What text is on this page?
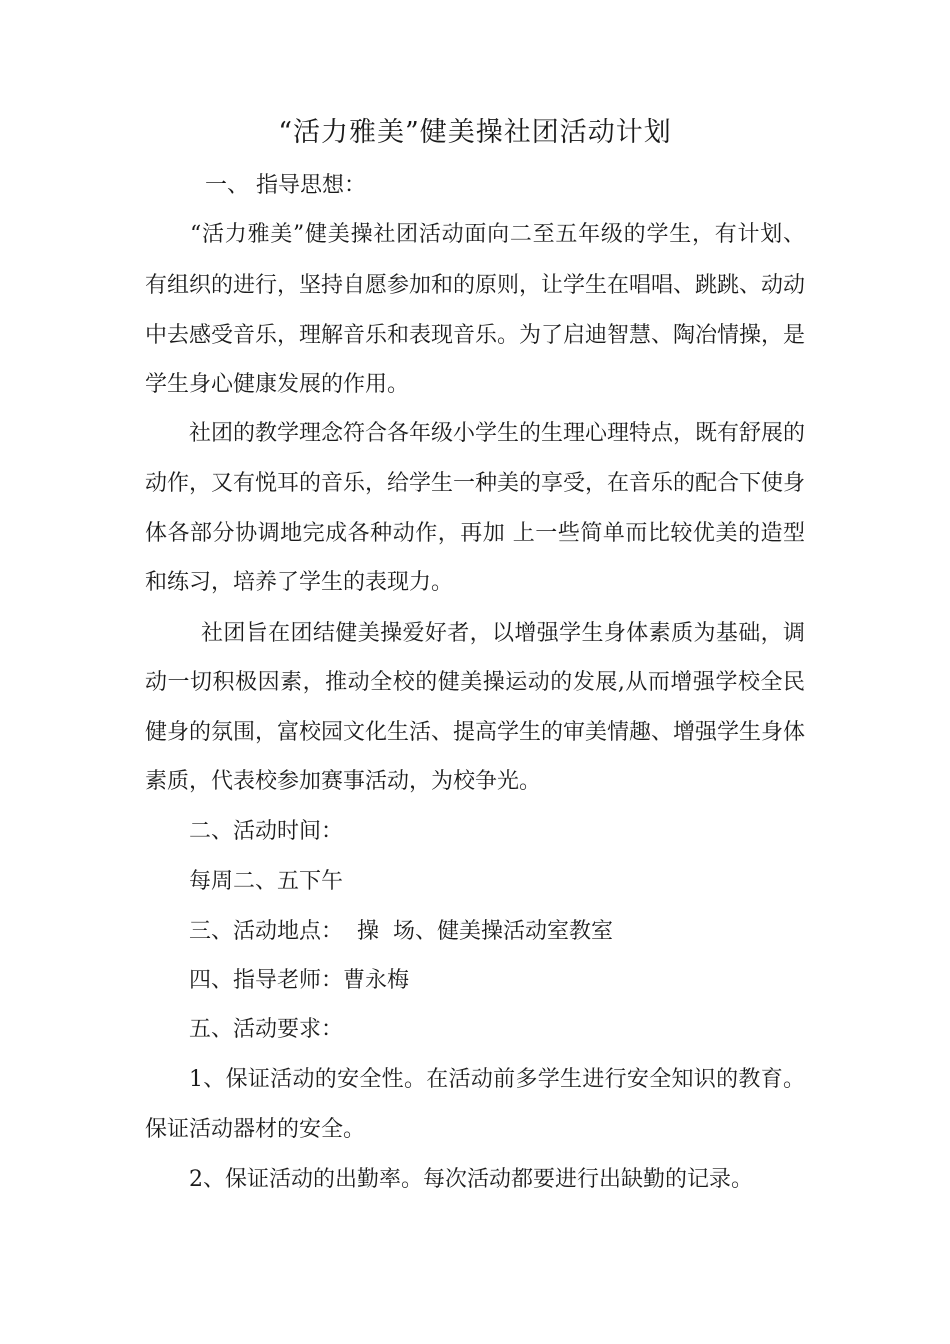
“活力雅美”健美操社团活动计划
一、 指导思想：
“活力雅美”健美操社团活动面向二至五年级的学生，有计划、
有组织的进行，坚持自愿参加和的原则，让学生在唱唱、跳跳、动动
中去感受音乐，理解音乐和表现音乐。为了启迪智慧、陶冶情操，是
学生身心健康发展的作用。
社团的教学理念符合各年级小学生的生理心理特点，既有舒展的
动作，又有悦耳的音乐，给学生一种美的享受，在音乐的配合下使身
体各部分协调地完成各种动作，再加 上一些简单而比较优美的造型
和练习，培养了学生的表现力。
社团旨在团结健美操爱好者，以增强学生身体素质为基础，调
动一切积极因素，推动全校的健美操运动的发展,从而增强学校全民
健身的氛围，富校园文化生活、提高学生的审美情趣、增强学生身体
素质，代表校参加赛事活动，为校争光。
二、活动时间：
每周二、五下午
三、活动地点：  操  场、健美操活动室教室
四、指导老师：曹永梅
五、活动要求：
1、保证活动的安全性。在活动前多学生进行安全知识的教育。
保证活动器材的安全。
2、保证活动的出勤率。每次活动都要进行出缺勤的记录。
